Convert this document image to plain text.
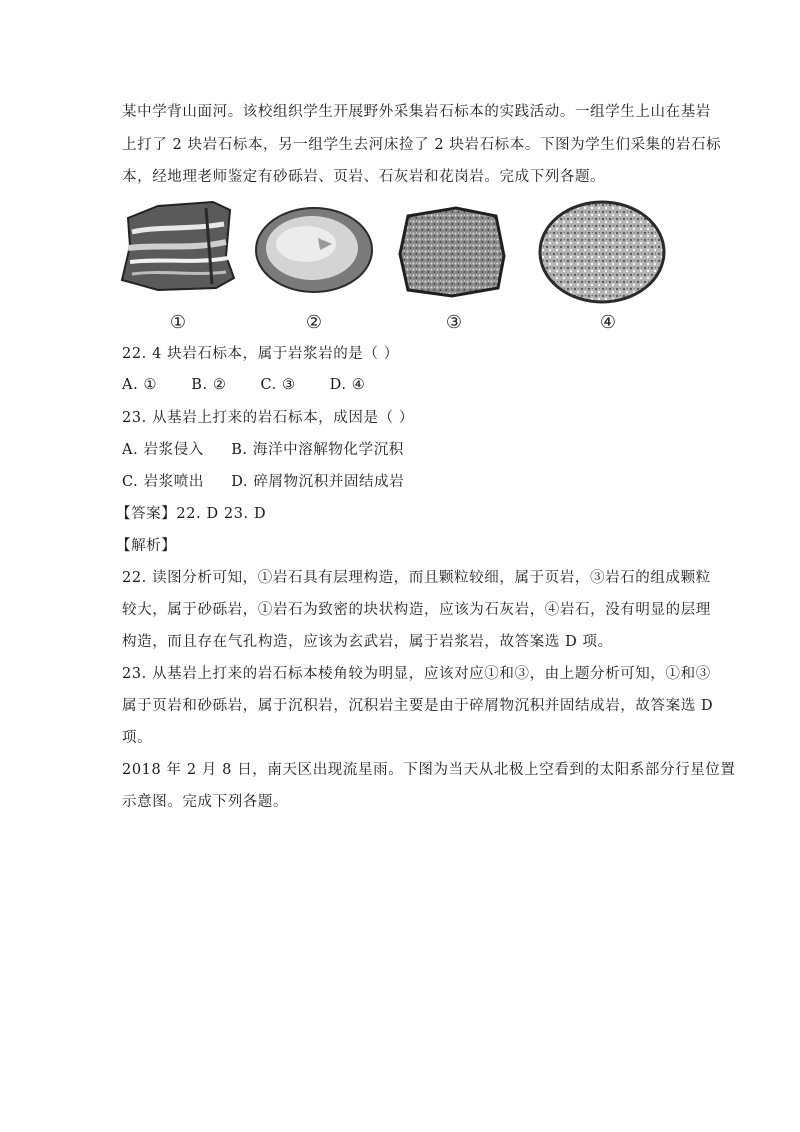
某中学背山面河。该校组织学生开展野外采集岩石标本的实践活动。一组学生上山在基岩
上打了 2 块岩石标本，另一组学生去河床捡了 2 块岩石标本。下图为学生们采集的岩石标
本，经地理老师鉴定有砂砾岩、页岩、石灰岩和花岗岩。完成下列各题。
①	②	③	④
22. 4 块岩石标本，属于岩浆岩的是（ ）
A. ① B. ② C. ③ D. ④
23. 从基岩上打来的岩石标本，成因是（ ）
A. 岩浆侵入 B. 海洋中溶解物化学沉积
C. 岩浆喷出 D. 碎屑物沉积并固结成岩
【答案】22. D 23. D
【解析】
22. 读图分析可知，①岩石具有层理构造，而且颗粒较细，属于页岩，③岩石的组成颗粒
较大，属于砂砾岩，①岩石为致密的块状构造，应该为石灰岩，④岩石，没有明显的层理
构造，而且存在气孔构造，应该为玄武岩，属于岩浆岩，故答案选 D 项。
23. 从基岩上打来的岩石标本棱角较为明显，应该对应①和③，由上题分析可知，①和③
属于页岩和砂砾岩，属于沉积岩，沉积岩主要是由于碎屑物沉积并固结成岩，故答案选 D
项。
2018 年 2 月 8 日，南天区出现流星雨。下图为当天从北极上空看到的太阳系部分行星位置
示意图。完成下列各题。
